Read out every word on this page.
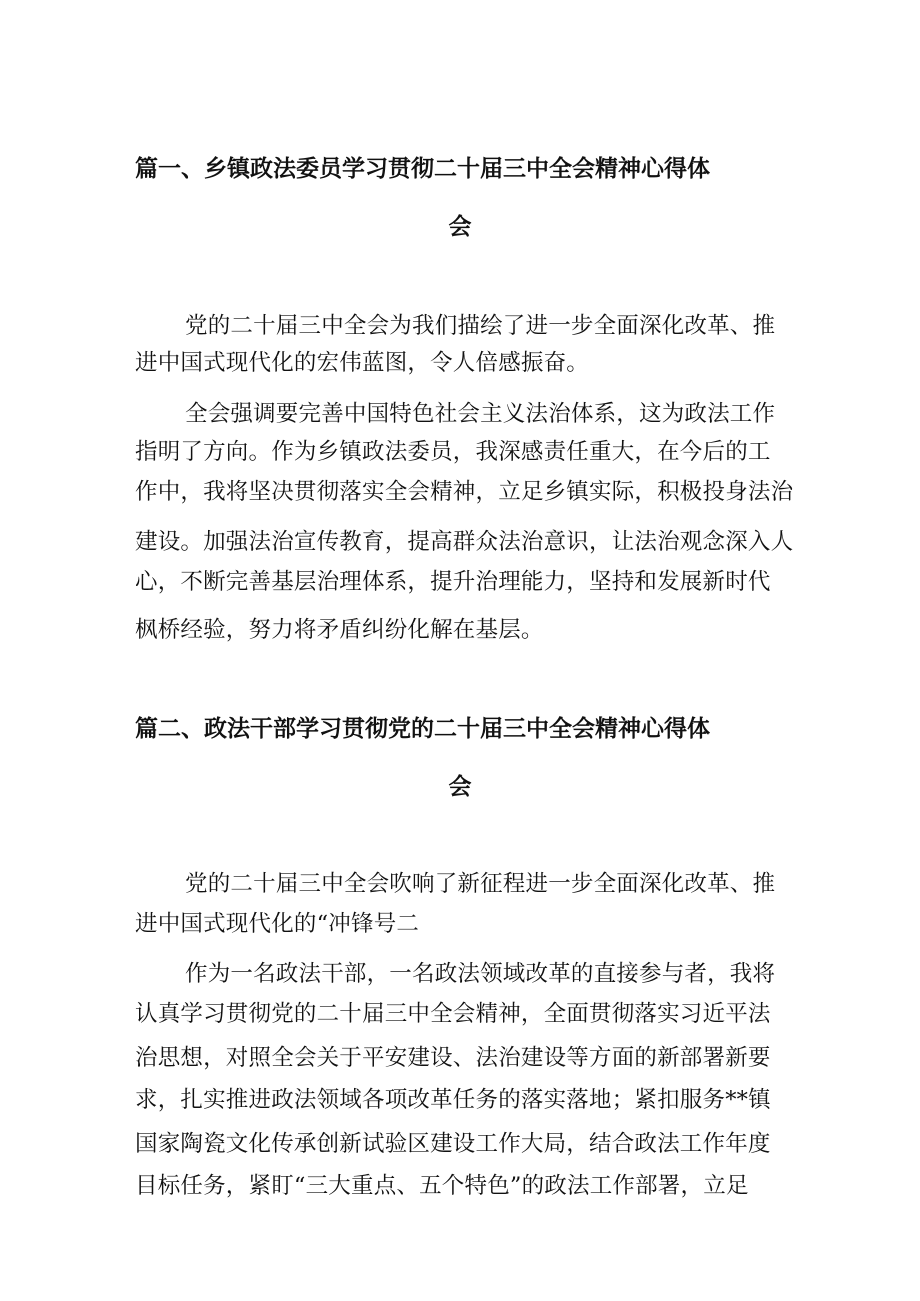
篇一、乡镇政法委员学习贯彻二十届三中全会精神心得体
会
党的二十届三中全会为我们描绘了进一步全面深化改革、推
进中国式现代化的宏伟蓝图，令人倍感振奋。
全会强调要完善中国特色社会主义法治体系，这为政法工作
指明了方向。作为乡镇政法委员，我深感责任重大，在今后的工
作中，我将坚决贯彻落实全会精神，立足乡镇实际，积极投身法治
建设。加强法治宣传教育，提高群众法治意识，让法治观念深入人
心，不断完善基层治理体系，提升治理能力，坚持和发展新时代
枫桥经验，努力将矛盾纠纷化解在基层。
篇二、政法干部学习贯彻党的二十届三中全会精神心得体
会
党的二十届三中全会吹响了新征程进一步全面深化改革、推
进中国式现代化的“冲锋号二
作为一名政法干部，一名政法领域改革的直接参与者，我将
认真学习贯彻党的二十届三中全会精神，全面贯彻落实习近平法
治思想，对照全会关于平安建设、法治建设等方面的新部署新要
求，扎实推进政法领域各项改革任务的落实落地；紧扣服务**镇
国家陶瓷文化传承创新试验区建设工作大局，结合政法工作年度
目标任务，紧盯“三大重点、五个特色”的政法工作部署，立足
